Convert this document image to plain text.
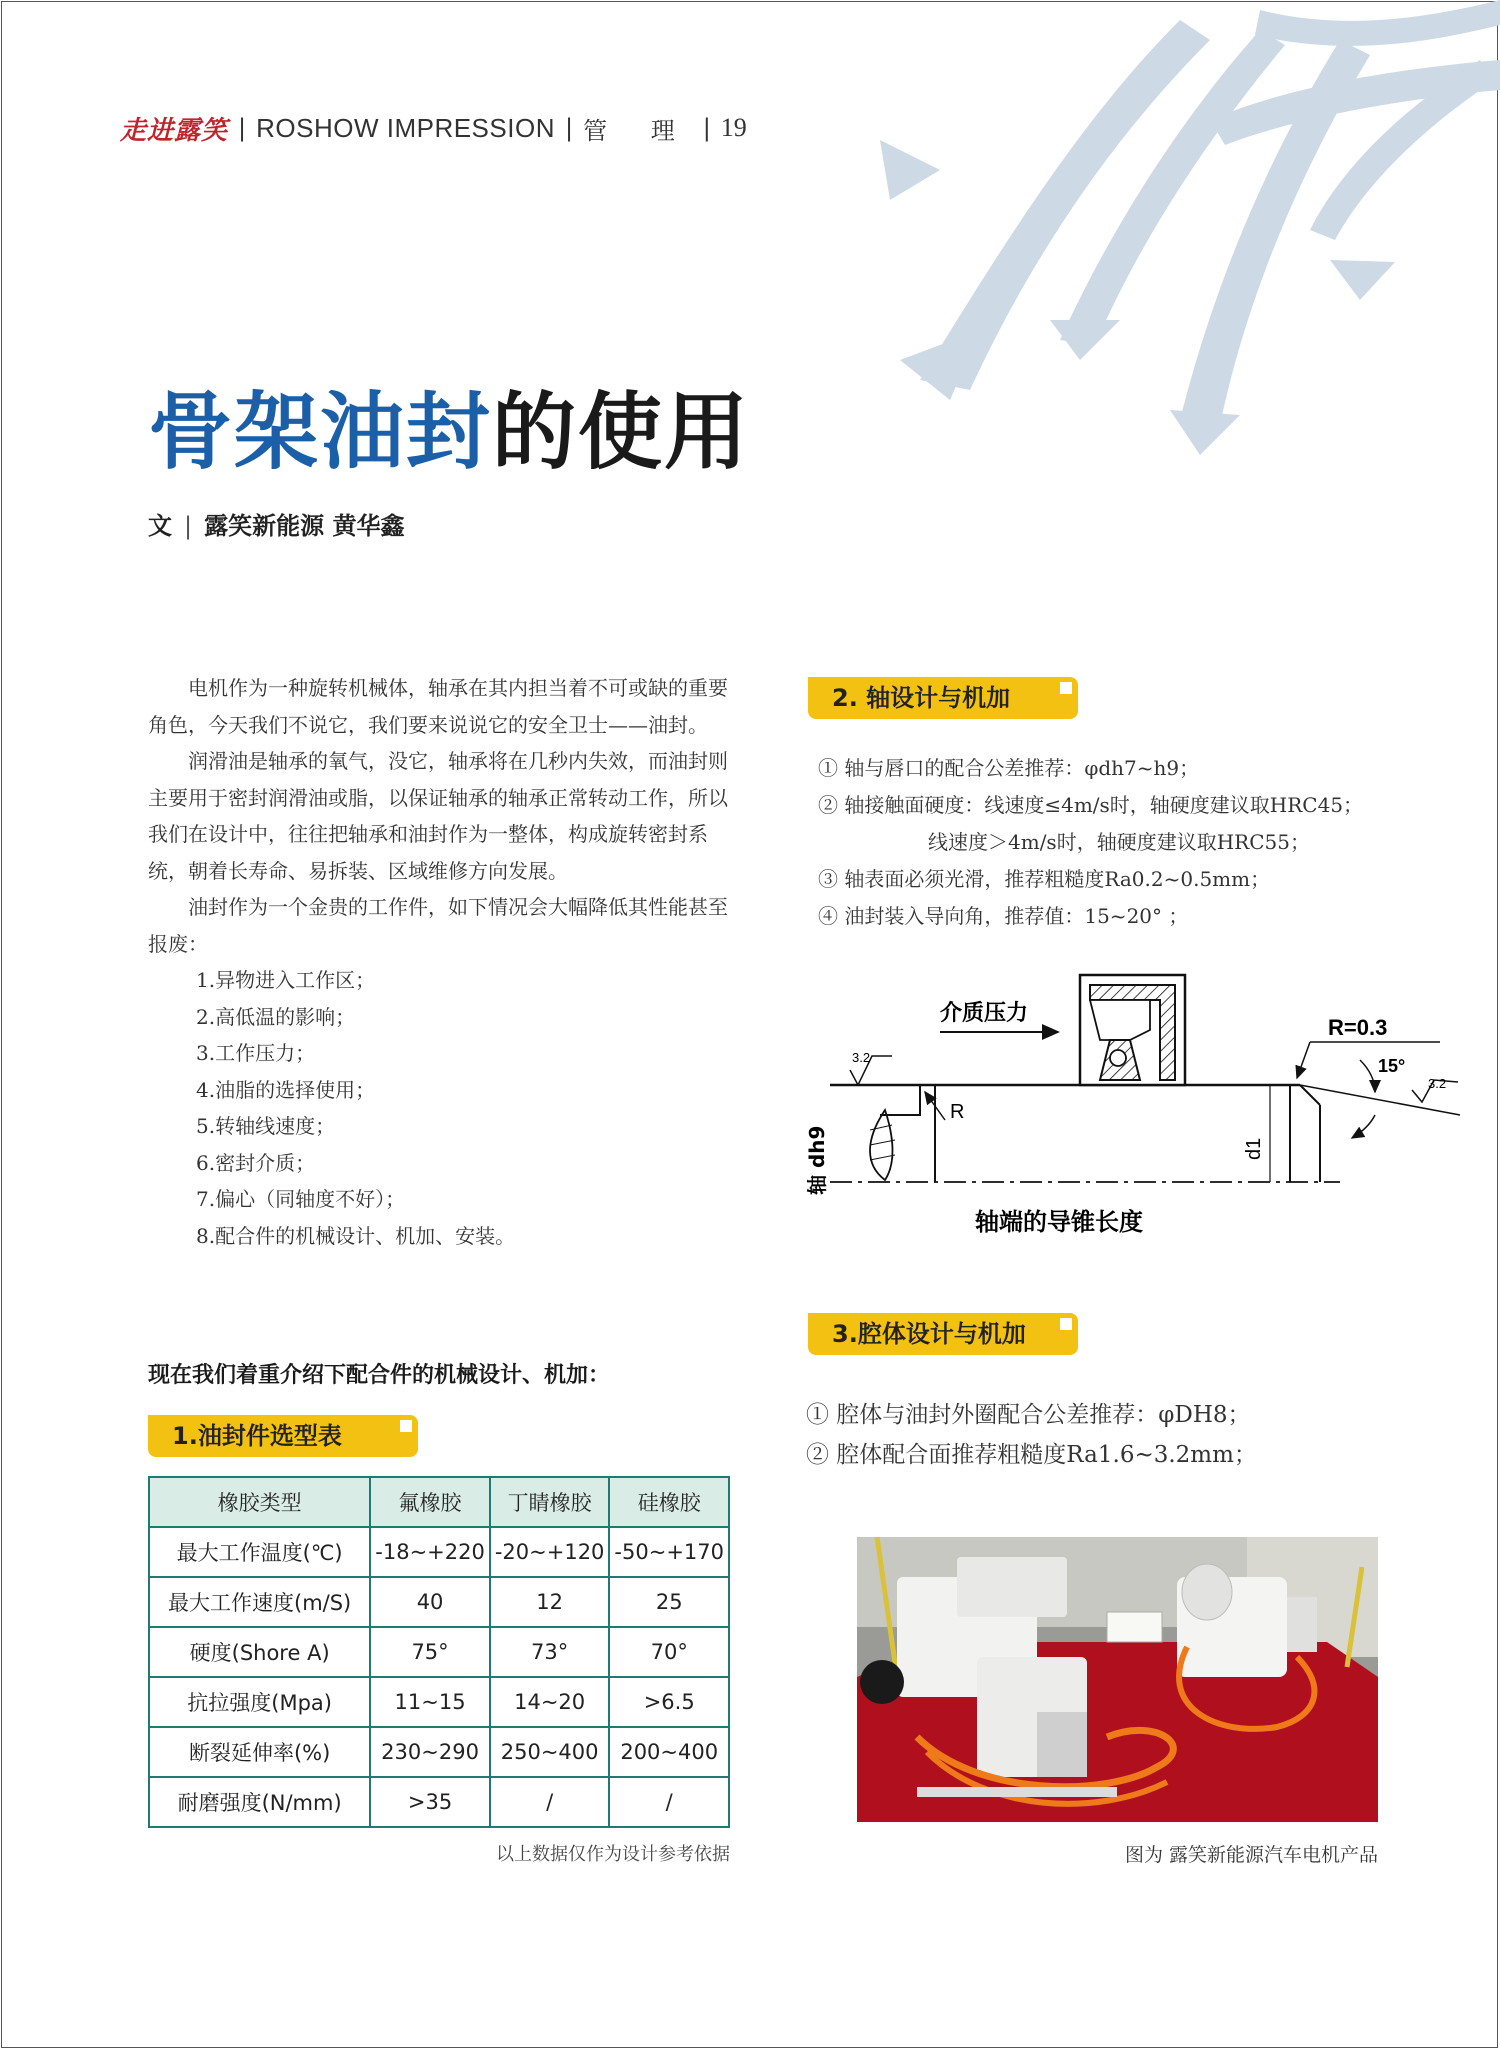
走进露笑 | ROSHOW IMPRESSION | 管 理 | 19
骨架油封的使用
文 | 露笑新能源 黄华鑫

电机作为一种旋转机械体，轴承在其内担当着不可或缺的重要角色，今天我们不说它，我们要来说说它的安全卫士——油封。

润滑油是轴承的氧气，没它，轴承将在几秒内失效，而油封则主要用于密封润滑油或脂，以保证轴承的轴承正常转动工作，所以我们在设计中，往往把轴承和油封作为一整体，构成旋转密封系统，朝着长寿命、易拆装、区域维修方向发展。

油封作为一个金贵的工作件，如下情况会大幅降低其性能甚至报废：

1.异物进入工作区；
2.高低温的影响；
3.工作压力；
4.油脂的选择使用；
5.转轴线速度；
6.密封介质；
7.偏心（同轴度不好）；
8.配合件的机械设计、机加、安装。
现在我们着重介绍下配合件的机械设计、机加：
1.油封件选型表
橡胶类型	氟橡胶	丁睛橡胶	硅橡胶
最大工作温度(℃)	-18~+220	-20~+120	-50~+170
最大工作速度(m/S)	40	12	25
硬度(Shore A)	75°	73°	70°
抗拉强度(Mpa)	11~15	14~20	>6.5
断裂延伸率(%)	230~290	250~400	200~400
耐磨强度(N/mm)	>35	/	/
以上数据仅作为设计参考依据
2. 轴设计与机加
① 轴与唇口的配合公差推荐：φdh7~h9；
② 轴接触面硬度：线速度≤4m/s时，轴硬度建议取HRC45；
线速度＞4m/s时，轴硬度建议取HRC55；
③ 轴表面必须光滑，推荐粗糙度Ra0.2~0.5mm；
④ 油封装入导向角，推荐值：15~20° ；
R
3.2
介质压力
R=0.3
15°
3.2
d1
轴 dh9
轴端的导锥长度
3.腔体设计与机加
① 腔体与油封外圈配合公差推荐：φDH8；
② 腔体配合面推荐粗糙度Ra1.6~3.2mm；
图为 露笑新能源汽车电机产品
